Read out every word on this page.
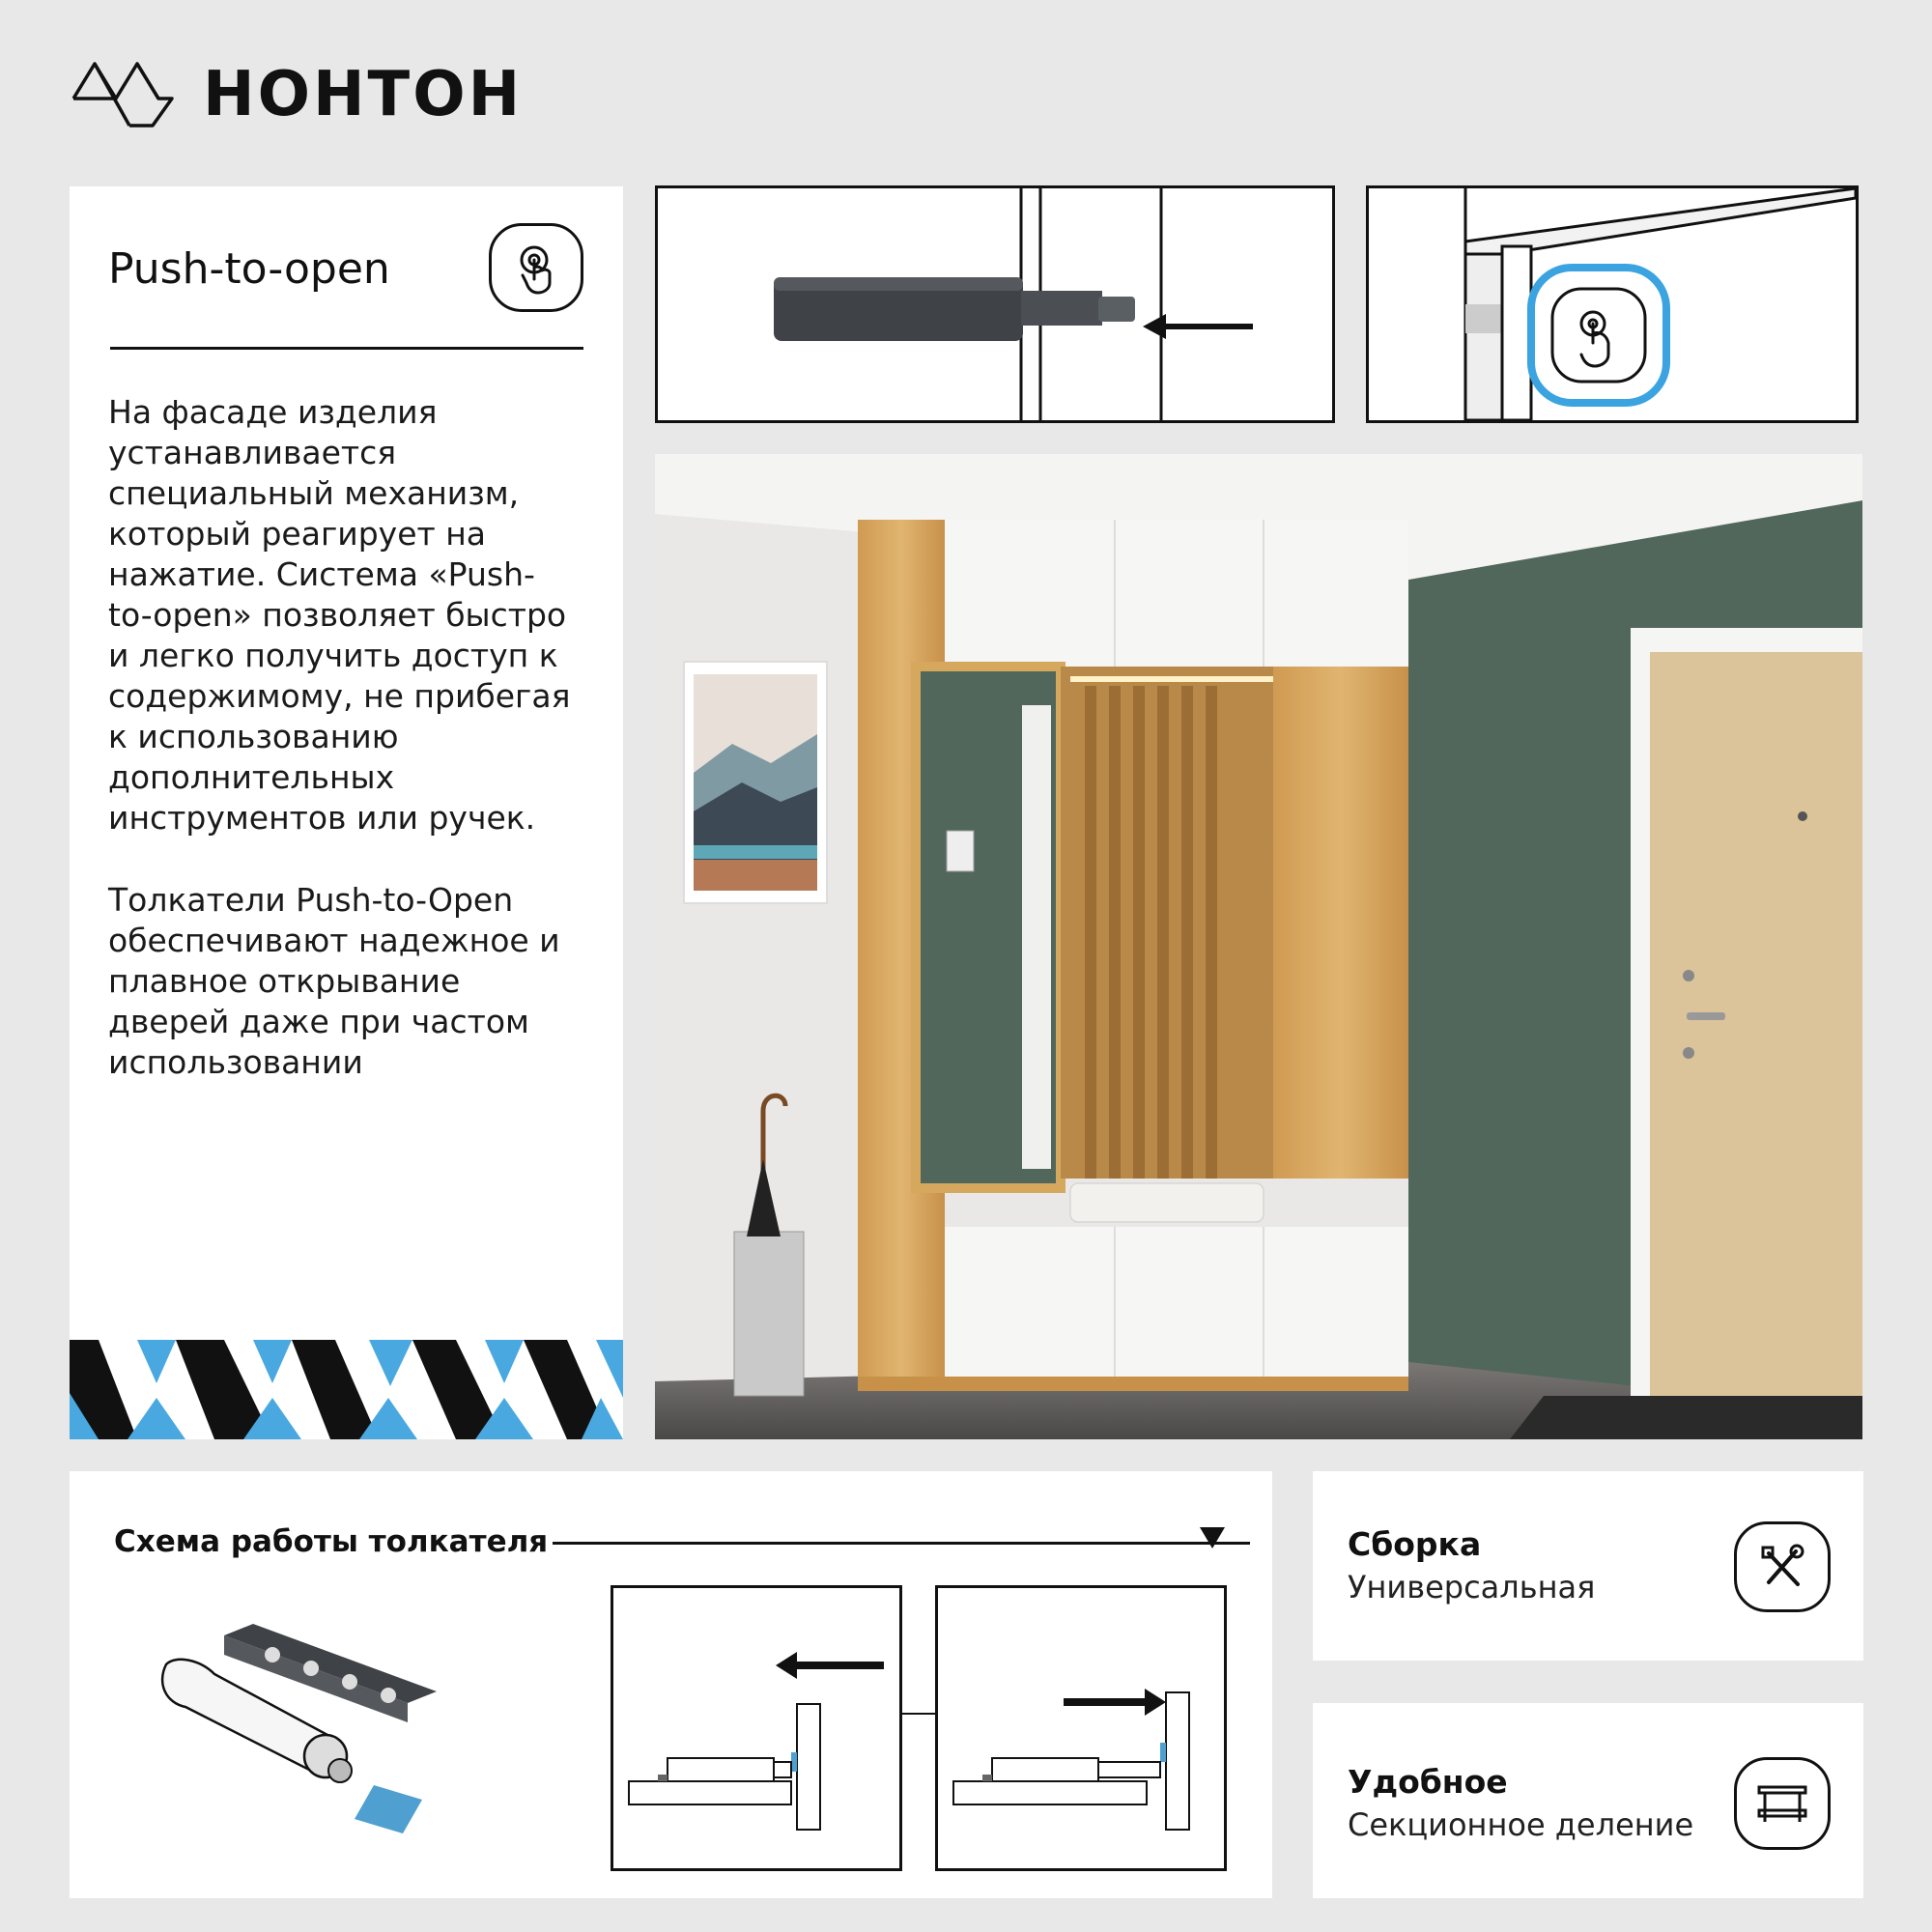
НОНТОН
Push-to-open
На фасаде изделия устанавливается специальный механизм, который реагирует на нажатие. Система «Push-to-open» позволяет быстро и легко получить доступ к содержимому, не прибегая к использованию дополнительных инструментов или ручек.
Толкатели Push-to-Open обеспечивают надежное и плавное открывание дверей даже при частом использовании
Схема работы толкателя	Сборка
Универсальная
Удобное
Секционное деление
